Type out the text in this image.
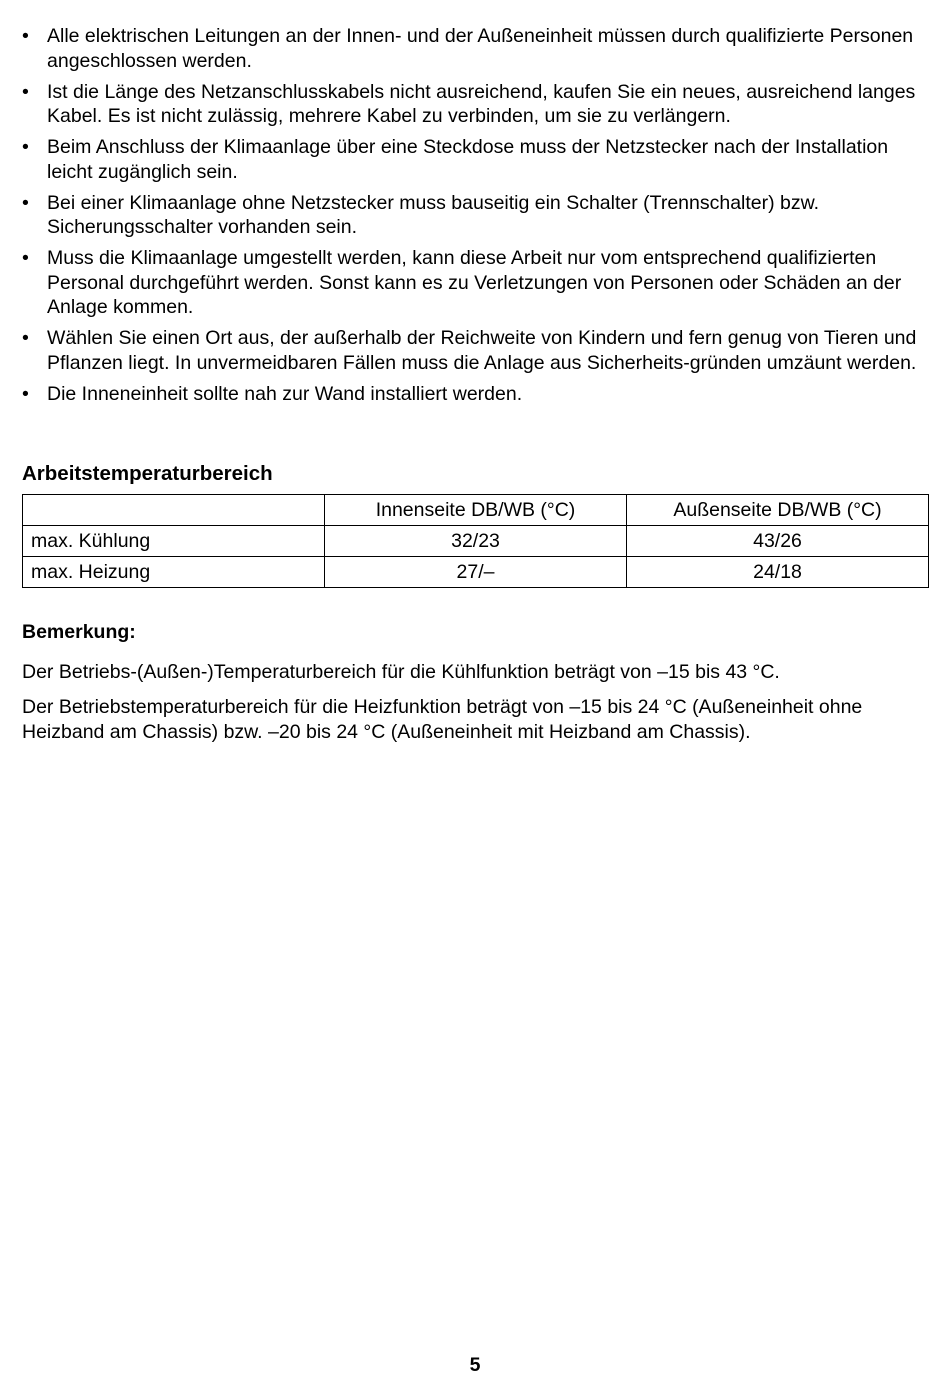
• Alle elektrischen Leitungen an der Innen- und der Außeneinheit müssen durch qualifizierte Personen angeschlossen werden.
• Ist die Länge des Netzanschlusskabels nicht ausreichend, kaufen Sie ein neues, ausreichend langes Kabel. Es ist nicht zulässig, mehrere Kabel zu verbinden, um sie zu verlängern.
• Beim Anschluss der Klimaanlage über eine Steckdose muss der Netzstecker nach der Installation leicht zugänglich sein.
• Bei einer Klimaanlage ohne Netzstecker muss bauseitig ein Schalter (Trennschalter) bzw. Sicherungsschalter vorhanden sein.
• Muss die Klimaanlage umgestellt werden, kann diese Arbeit nur vom entsprechend qualifizierten Personal durchgeführt werden. Sonst kann es zu Verletzungen von Personen oder Schäden an der Anlage kommen.
• Wählen Sie einen Ort aus, der außerhalb der Reichweite von Kindern und fern genug von Tieren und Pflanzen liegt. In unvermeidbaren Fällen muss die Anlage aus Sicherheits-gründen umzäunt werden.
• Die Inneneinheit sollte nah zur Wand installiert werden.
Arbeitstemperaturbereich
	Innenseite DB/WB (°C)	Außenseite DB/WB (°C)
max. Kühlung	32/23	43/26
max. Heizung	27/–	24/18

Bemerkung:

Der Betriebs-(Außen-)Temperaturbereich für die Kühlfunktion beträgt von –15 bis 43 °C.

Der Betriebstemperaturbereich für die Heizfunktion beträgt von –15 bis 24 °C (Außeneinheit ohne Heizband am Chassis) bzw. –20 bis 24 °C (Außeneinheit mit Heizband am Chassis).

5
